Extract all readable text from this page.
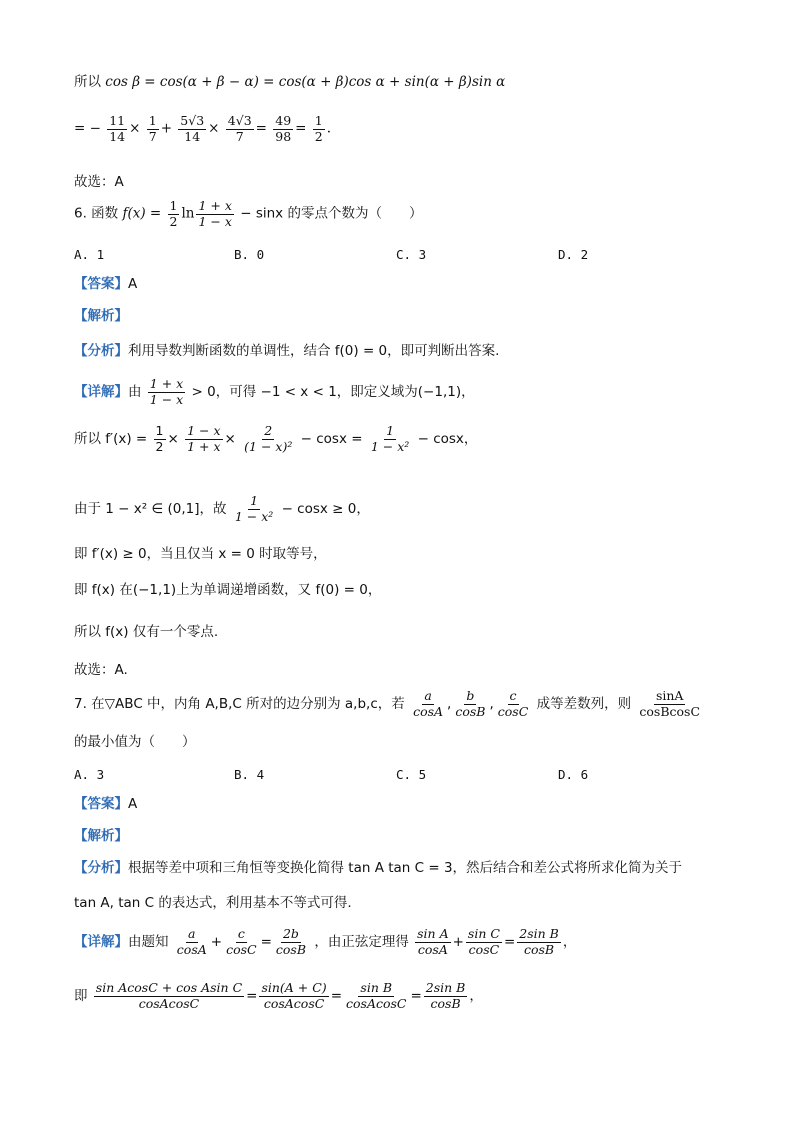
所以 cos β = cos(α + β − α) = cos(α + β)cos α + sin(α + β)sin α
= − $\frac{11}{14} \times \frac{1}{7} + \frac{5√3}{14} \times \frac{4√3}{7} = \frac{49}{98} = \frac{1}{2}$ .
故选：A
6. 函数 $f(x) = \frac{1}{2}$ $\ln \frac{1 + x}{1 - x} - \sin x$ 的零点个数为（　　）
A. 1	B. 0	C. 3	D. 2
【答案】A
【解析】
【分析】利用导数判断函数的单调性，结合 f(0) = 0，即可判断出答案.
【详解】由 $\frac{1 + x}{1 - x} > 0$，可得 −1 < x < 1，即定义域为(−1,1)，
所以 $f'(x) = \frac{1}{2} \times \frac{1 - x}{1 + x} \times \frac{2}{\text{(1 − x)²}} - \cos x = \frac{1}{\text{1 − x²}} - \cos x$，
由于 1 − x² ∈ (0,1]，故 $\frac{1}{\text{1 − x²}} - \cos x \ge 0$，
即 f′(x) ≥ 0，当且仅当 x = 0 时取等号，
即 f(x) 在(−1,1)上为单调递增函数，又 f(0) = 0，
所以 f(x) 仅有一个零点.
故选：A.
7. 在▽ABC 中，内角 A,B,C 所对的边分别为 a,b,c，若 $\frac{a}{\cos A}$ , $\frac{b}{\cos B}$ , $\frac{c}{\cos C}$ 成等差数列，则 $\frac{\sin A}{\text{cosBcosC}}$
的最小值为（　　）
A. 3	B. 4	C. 5	D. 6
【答案】A
【解析】
【分析】根据等差中项和三角恒等变换化简得 tan A tan C = 3，然后结合和差公式将所求化简为关于
tan A, tan C 的表达式，利用基本不等式可得.
【详解】由题知 $\frac{a}{\cos A} + \frac{c}{\cos C} = \frac{2b}{\cos B}$ ，由正弦定理得 $\frac{\text{sin A}}{\cos A} + \frac{\text{sin C}}{\cos C} = \frac{\text{2sin B}}{\cos B}$ ，
即 $\frac{\text{sin AcosC + cos Asin C}}{\text{cosAcosC}} = \frac{\sin(A + C)}{\text{cosAcosC}} = \frac{\text{sin B}}{\text{cosAcosC}} = \frac{\text{2sin B}}{\cos B}$ ，
